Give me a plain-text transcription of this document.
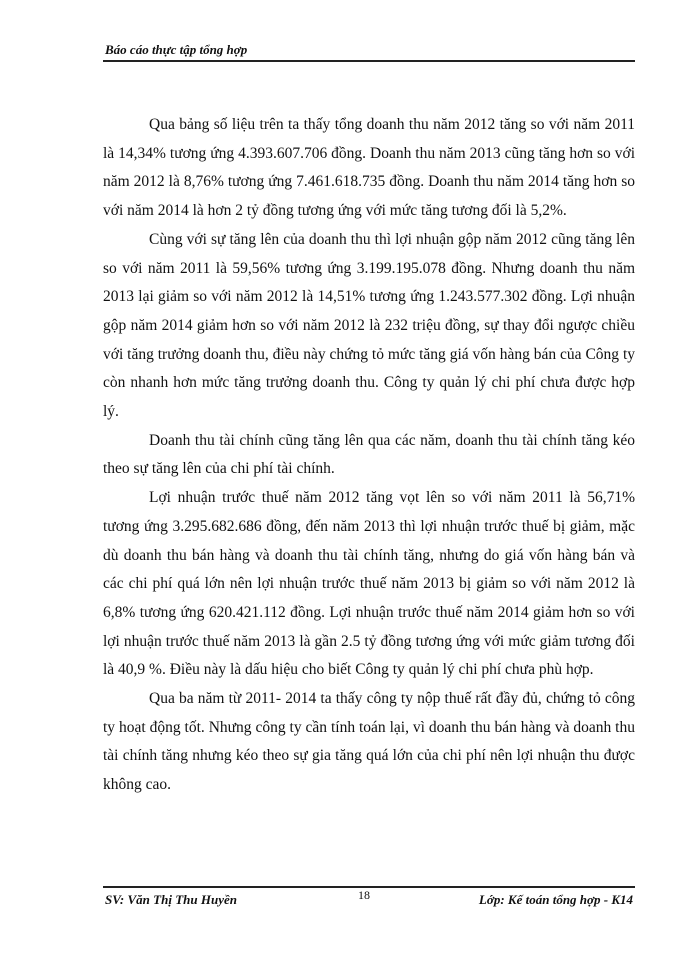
Báo cáo thực tập tổng hợp

Qua bảng số liệu trên ta thấy tổng doanh thu năm 2012 tăng so với năm 2011 là 14,34% tương ứng 4.393.607.706 đồng. Doanh thu năm 2013 cũng tăng hơn so với năm 2012 là 8,76% tương ứng 7.461.618.735 đồng. Doanh thu năm 2014 tăng hơn so với năm 2014 là hơn 2 tỷ đồng tương ứng với mức tăng tương đối là 5,2%.

Cùng với sự tăng lên của doanh thu thì lợi nhuận gộp năm 2012 cũng tăng lên so với năm 2011 là 59,56% tương ứng 3.199.195.078 đồng. Nhưng doanh thu năm 2013 lại giảm so với năm 2012 là 14,51% tương ứng 1.243.577.302 đồng. Lợi nhuận gộp năm 2014 giảm hơn so với năm 2012 là 232 triệu đồng, sự thay đổi ngược chiều với tăng trưởng doanh thu, điều này chứng tỏ mức tăng giá vốn hàng bán của Công ty còn nhanh hơn mức tăng trưởng doanh thu. Công ty quản lý chi phí chưa được hợp lý.

Doanh thu tài chính cũng tăng lên qua các năm, doanh thu tài chính tăng kéo theo sự tăng lên của chi phí tài chính.

Lợi nhuận trước thuế năm 2012 tăng vọt lên so với năm 2011 là 56,71% tương ứng 3.295.682.686 đồng, đến năm 2013 thì lợi nhuận trước thuế bị giảm, mặc dù doanh thu bán hàng và doanh thu tài chính tăng, nhưng do giá vốn hàng bán và các chi phí quá lớn nên lợi nhuận trước thuế năm 2013 bị giảm so với năm 2012 là 6,8% tương ứng 620.421.112 đồng. Lợi nhuận trước thuế năm 2014 giảm hơn so với lợi nhuận trước thuế năm 2013 là gần 2.5 tỷ đồng tương ứng với mức giảm tương đối là 40,9 %. Điều này là dấu hiệu cho biết Công ty quản lý chi phí chưa phù hợp.

Qua ba năm từ 2011- 2014 ta thấy công ty nộp thuế rất đầy đủ, chứng tỏ công ty hoạt động tốt. Nhưng công ty cần tính toán lại, vì doanh thu bán hàng và doanh thu tài chính tăng nhưng kéo theo sự gia tăng quá lớn của chi phí nên lợi nhuận thu được không cao.

SV: Văn Thị Thu Huyền	18	Lớp: Kế toán tổng hợp - K14
